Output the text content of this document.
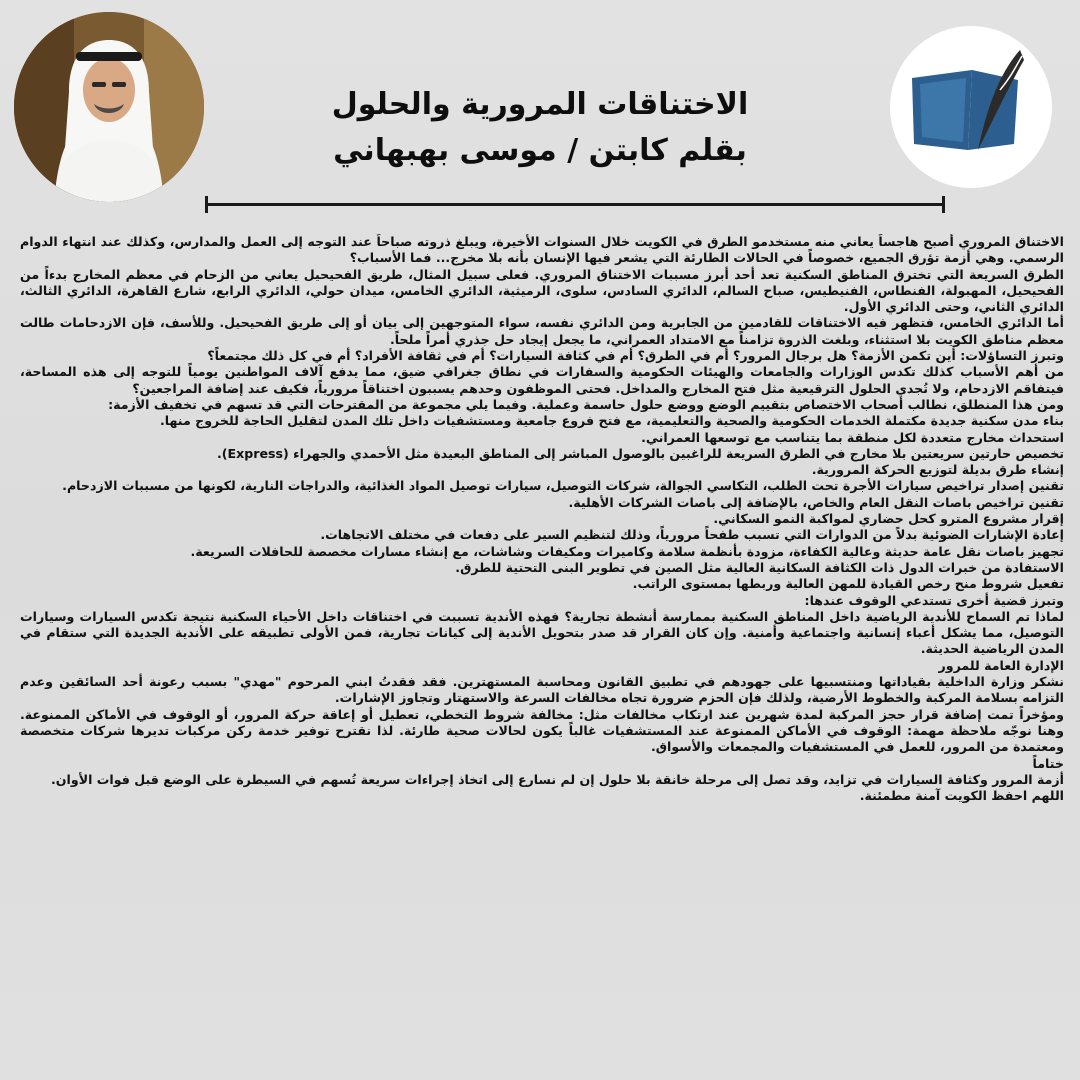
الاختناقات المرورية والحلول
بقلم كابتن / موسى بهبهاني

الاختناق المروري أصبح هاجساً يعاني منه مستخدمو الطرق في الكويت خلال السنوات الأخيرة، ويبلغ ذروته صباحاً عند التوجه إلى العمل والمدارس، وكذلك عند انتهاء الدوام الرسمي. وهي أزمة تؤرق الجميع، خصوصاً في الحالات الطارئة التي يشعر فيها الإنسان بأنه بلا مخرج... فما الأسباب؟

الطرق السريعة التي تخترق المناطق السكنية تعد أحد أبرز مسببات الاختناق المروري. فعلى سبيل المثال، طريق الفحيحيل يعاني من الزحام في معظم المخارج بدءاً من الفحيحيل، المهبولة، الفنطاس، الفنيطيس، صباح السالم، الدائري السادس، سلوى، الرميثية، الدائري الخامس، ميدان حولي، الدائري الرابع، شارع القاهرة، الدائري الثالث، الدائري الثاني، وحتى الدائري الأول.

أما الدائري الخامس، فتظهر فيه الاختناقات للقادمين من الجابرية ومن الدائري نفسه، سواء المتوجهين إلى بيان أو إلى طريق الفحيحيل. وللأسف، فإن الازدحامات طالت معظم مناطق الكويت بلا استثناء، وبلغت الذروة تزامناً مع الامتداد العمراني، ما يجعل إيجاد حل جذري أمراً ملحاً.

وتبرز التساؤلات: أين تكمن الأزمة؟ هل برجال المرور؟ أم في الطرق؟ أم في كثافة السيارات؟ أم في ثقافة الأفراد؟ أم في كل ذلك مجتمعاً؟

من أهم الأسباب كذلك تكدس الوزارات والجامعات والهيئات الحكومية والسفارات في نطاق جغرافي ضيق، مما يدفع آلاف المواطنين يومياً للتوجه إلى هذه المساحة، فيتفاقم الازدحام، ولا تُجدي الحلول الترقيعية مثل فتح المخارج والمداخل. فحتى الموظفون وحدهم يسببون اختناقاً مرورياً، فكيف عند إضافة المراجعين؟

ومن هذا المنطلق، نطالب أصحاب الاختصاص بتقييم الوضع ووضع حلول حاسمة وعملية. وفيما يلي مجموعة من المقترحات التي قد تسهم في تخفيف الأزمة:

بناء مدن سكنية جديدة مكتملة الخدمات الحكومية والصحية والتعليمية، مع فتح فروع جامعية ومستشفيات داخل تلك المدن لتقليل الحاجة للخروج منها.

استحداث مخارج متعددة لكل منطقة بما يتناسب مع توسعها العمراني.

تخصيص حارتين سريعتين بلا مخارج في الطرق السريعة للراغبين بالوصول المباشر إلى المناطق البعيدة مثل الأحمدي والجهراء (Express).

إنشاء طرق بديلة لتوزيع الحركة المرورية.

تقنين إصدار تراخيص سيارات الأجرة تحت الطلب، التكاسي الجوالة، شركات التوصيل، سيارات توصيل المواد الغذائية، والدراجات النارية، لكونها من مسببات الازدحام.

تقنين تراخيص باصات النقل العام والخاص، بالإضافة إلى باصات الشركات الأهلية.

إقرار مشروع المترو كحل حضاري لمواكبة النمو السكاني.

إعادة الإشارات الضوئية بدلاً من الدوارات التي تسبب طفحاً مرورياً، وذلك لتنظيم السير على دفعات في مختلف الاتجاهات.

تجهيز باصات نقل عامة حديثة وعالية الكفاءة، مزودة بأنظمة سلامة وكاميرات ومكيفات وشاشات، مع إنشاء مسارات مخصصة للحافلات السريعة.

الاستفادة من خبرات الدول ذات الكثافة السكانية العالية مثل الصين في تطوير البنى التحتية للطرق.

تفعيل شروط منح رخص القيادة للمهن العالية وربطها بمستوى الراتب.

وتبرز قضية أخرى تستدعي الوقوف عندها:

لماذا تم السماح للأندية الرياضية داخل المناطق السكنية بممارسة أنشطة تجارية؟ فهذه الأندية تسببت في اختناقات داخل الأحياء السكنية نتيجة تكدس السيارات وسيارات التوصيل، مما يشكل أعباء إنسانية واجتماعية وأمنية. وإن كان القرار قد صدر بتحويل الأندية إلى كيانات تجارية، فمن الأولى تطبيقه على الأندية الجديدة التي ستقام في المدن الرياضية الحديثة.

الإدارة العامة للمرور

نشكر وزارة الداخلية بقياداتها ومنتسبيها على جهودهم في تطبيق القانون ومحاسبة المستهترين. فقد فقدتُ ابني المرحوم "مهدي" بسبب رعونة أحد السائقين وعدم التزامه بسلامة المركبة والخطوط الأرضية، ولذلك فإن الحزم ضرورة تجاه مخالفات السرعة والاستهتار وتجاوز الإشارات.

ومؤخراً تمت إضافة قرار حجز المركبة لمدة شهرين عند ارتكاب مخالفات مثل: مخالفة شروط التخطي، تعطيل أو إعاقة حركة المرور، أو الوقوف في الأماكن الممنوعة. وهنا نوجّه ملاحظة مهمة: الوقوف في الأماكن الممنوعة عند المستشفيات غالباً يكون لحالات صحية طارئة. لذا نقترح توفير خدمة ركن مركبات تديرها شركات متخصصة ومعتمدة من المرور، للعمل في المستشفيات والمجمعات والأسواق.

ختاماً

أزمة المرور وكثافة السيارات في تزايد، وقد تصل إلى مرحلة خانقة بلا حلول إن لم نسارع إلى اتخاذ إجراءات سريعة تُسهم في السيطرة على الوضع قبل فوات الأوان.

اللهم احفظ الكويت آمنة مطمئنة.
